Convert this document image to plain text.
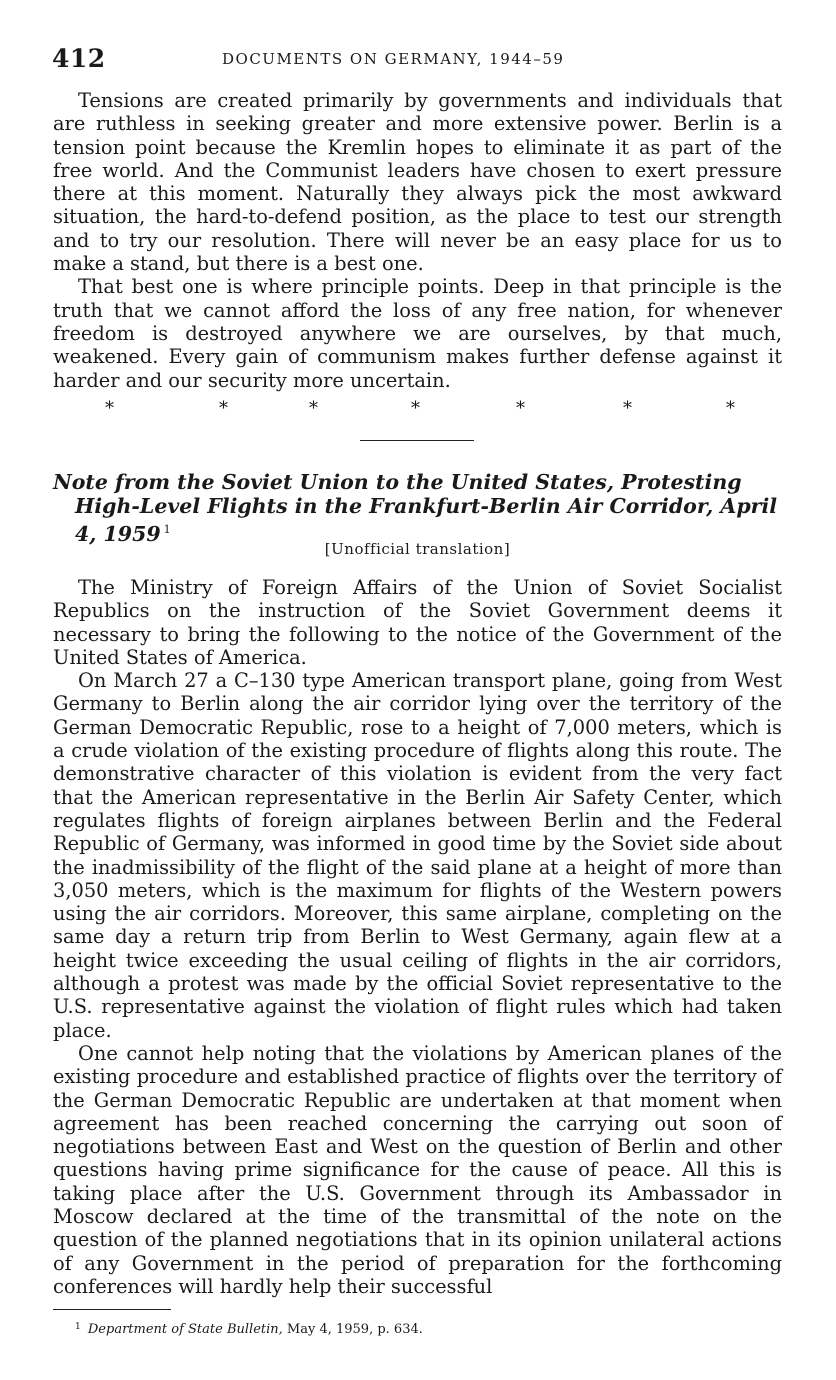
412	DOCUMENTS ON GERMANY, 1944–59

Tensions are created primarily by governments and individuals that are ruthless in seeking greater and more extensive power. Berlin is a tension point because the Kremlin hopes to eliminate it as part of the free world. And the Communist leaders have chosen to exert pressure there at this moment. Naturally they always pick the most awkward situation, the hard-to-defend position, as the place to test our strength and to try our resolution. There will never be an easy place for us to make a stand, but there is a best one.

That best one is where principle points. Deep in that principle is the truth that we cannot afford the loss of any free nation, for whenever freedom is destroyed anywhere we are ourselves, by that much, weakened. Every gain of communism makes further defense against it harder and our security more uncertain.

*	*	*	*	*	*	*
Note from the Soviet Union to the United States, Protesting High-Level Flights in the Frankfurt-Berlin Air Corridor, April 4, 1959 $^1$
[Unofficial translation]

The Ministry of Foreign Affairs of the Union of Soviet Socialist Republics on the instruction of the Soviet Government deems it necessary to bring the following to the notice of the Government of the United States of America.

On March 27 a C–130 type American transport plane, going from West Germany to Berlin along the air corridor lying over the territory of the German Democratic Republic, rose to a height of 7,000 meters, which is a crude violation of the existing procedure of flights along this route. The demonstrative character of this violation is evident from the very fact that the American representative in the Berlin Air Safety Center, which regulates flights of foreign airplanes between Berlin and the Federal Republic of Germany, was informed in good time by the Soviet side about the inadmissibility of the flight of the said plane at a height of more than 3,050 meters, which is the maximum for flights of the Western powers using the air corridors. Moreover, this same airplane, completing on the same day a return trip from Berlin to West Germany, again flew at a height twice exceeding the usual ceiling of flights in the air corridors, although a protest was made by the official Soviet representative to the U.S. representative against the violation of flight rules which had taken place.

One cannot help noting that the violations by American planes of the existing procedure and established practice of flights over the territory of the German Democratic Republic are undertaken at that moment when agreement has been reached concerning the carrying out soon of negotiations between East and West on the question of Berlin and other questions having prime significance for the cause of peace. All this is taking place after the U.S. Government through its Ambassador in Moscow declared at the time of the transmittal of the note on the question of the planned negotiations that in its opinion unilateral actions of any Government in the period of preparation for the forthcoming conferences will hardly help their successful

$^1$ Department of State Bulletin, May 4, 1959, p. 634.
